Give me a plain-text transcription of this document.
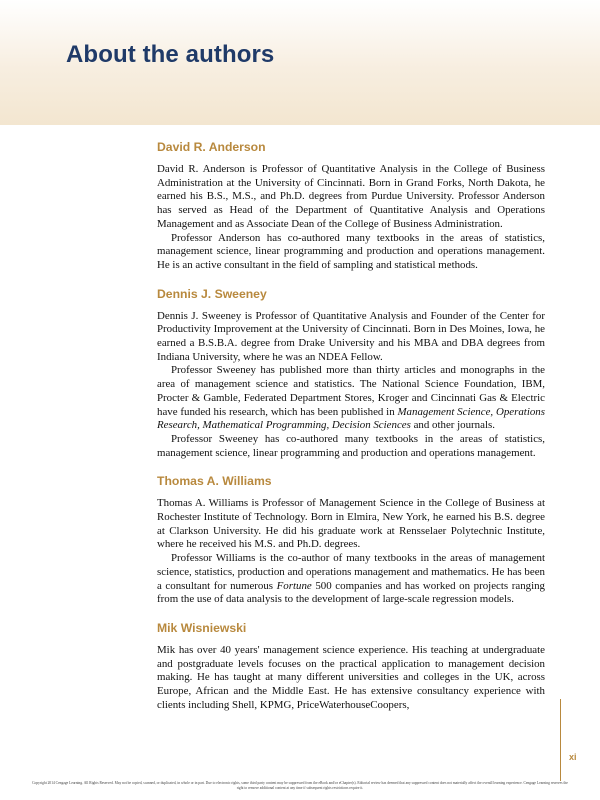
About the authors
David R. Anderson

David R. Anderson is Professor of Quantitative Analysis in the College of Business Administration at the University of Cincinnati. Born in Grand Forks, North Dakota, he earned his B.S., M.S., and Ph.D. degrees from Purdue University. Professor Anderson has served as Head of the Department of Quantitative Analysis and Operations Management and as Associate Dean of the College of Business Administration.

Professor Anderson has co-authored many textbooks in the areas of statistics, management science, linear programming and production and operations management. He is an active consultant in the field of sampling and statistical methods.

Dennis J. Sweeney

Dennis J. Sweeney is Professor of Quantitative Analysis and Founder of the Center for Productivity Improvement at the University of Cincinnati. Born in Des Moines, Iowa, he earned a B.S.B.A. degree from Drake University and his MBA and DBA degrees from Indiana University, where he was an NDEA Fellow.

Professor Sweeney has published more than thirty articles and monographs in the area of management science and statistics. The National Science Foundation, IBM, Procter & Gamble, Federated Department Stores, Kroger and Cincinnati Gas & Electric have funded his research, which has been published in Management Science, Operations Research, Mathematical Programming, Decision Sciences and other journals.

Professor Sweeney has co-authored many textbooks in the areas of statistics, management science, linear programming and production and operations management.

Thomas A. Williams

Thomas A. Williams is Professor of Management Science in the College of Business at Rochester Institute of Technology. Born in Elmira, New York, he earned his B.S. degree at Clarkson University. He did his graduate work at Rensselaer Polytechnic Institute, where he received his M.S. and Ph.D. degrees.

Professor Williams is the co-author of many textbooks in the areas of management science, statistics, production and operations management and mathematics. He has been a consultant for numerous Fortune 500 companies and has worked on projects ranging from the use of data analysis to the development of large-scale regression models.

Mik Wisniewski

Mik has over 40 years' management science experience. His teaching at undergraduate and postgraduate levels focuses on the practical application to management decision making. He has taught at many different universities and colleges in the UK, across Europe, African and the Middle East. He has extensive consultancy experience with clients including Shell, KPMG, PriceWaterhouseCoopers,

xi
Copyright 2014 Cengage Learning. All Rights Reserved. May not be copied, scanned, or duplicated, in whole or in part. Due to electronic rights, some third party content may be suppressed from the eBook and/or eChapter(s). Editorial review has deemed that any suppressed content does not materially affect the overall learning experience. Cengage Learning reserves the right to remove additional content at any time if subsequent rights restrictions require it.
